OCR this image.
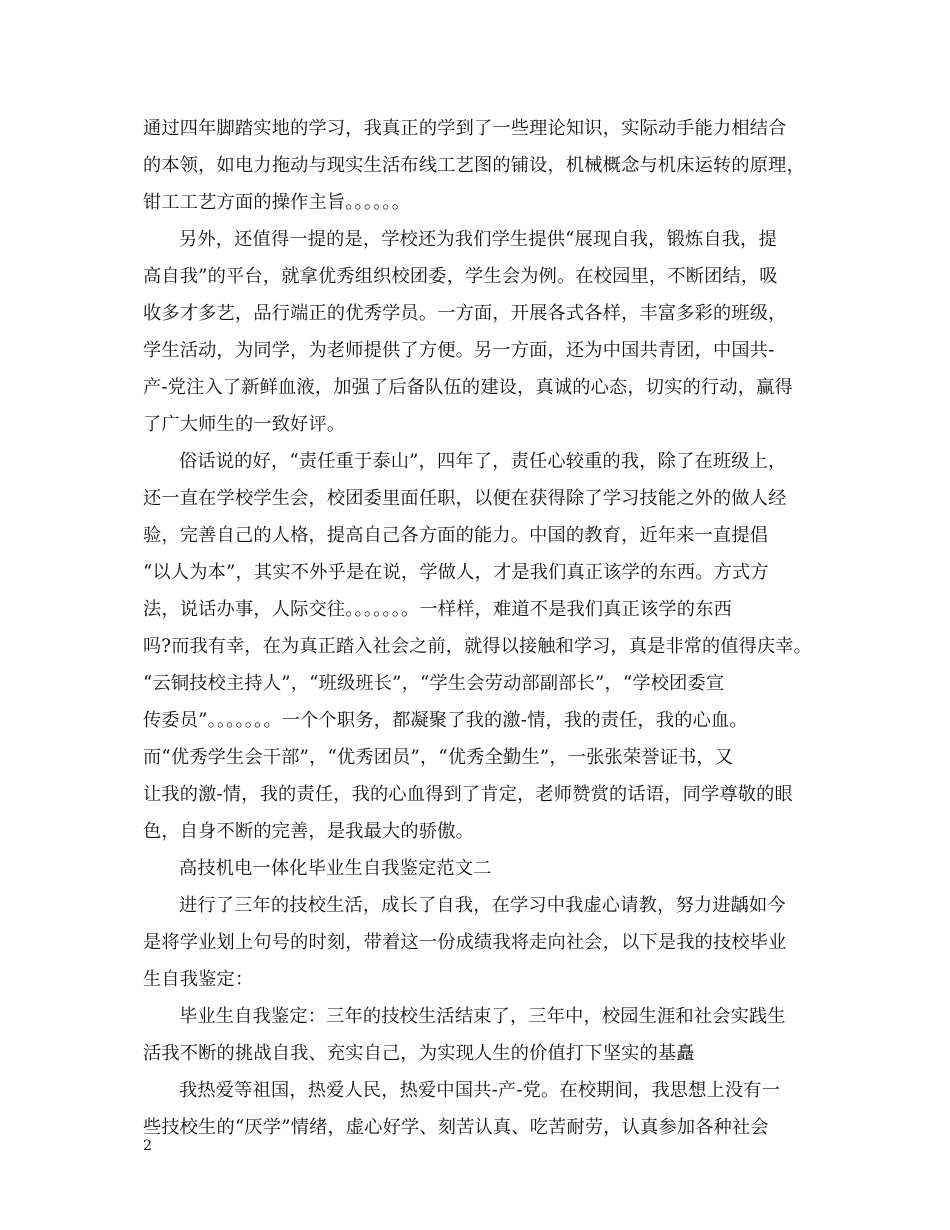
通过四年脚踏实地的学习，我真正的学到了一些理论知识，实际动手能力相结合
的本领，如电力拖动与现实生活布线工艺图的铺设，机械概念与机床运转的原理，
钳工工艺方面的操作主旨。。。。。。
另外，还值得一提的是，学校还为我们学生提供“展现自我，锻炼自我，提
高自我”的平台，就拿优秀组织校团委，学生会为例。在校园里，不断团结，吸
收多才多艺，品行端正的优秀学员。一方面，开展各式各样，丰富多彩的班级，
学生活动，为同学，为老师提供了方便。另一方面，还为中国共青团，中国共-
产-党注入了新鲜血液，加强了后备队伍的建设，真诚的心态，切实的行动，赢得
了广大师生的一致好评。
俗话说的好，“责任重于泰山”，四年了，责任心较重的我，除了在班级上，
还一直在学校学生会，校团委里面任职，以便在获得除了学习技能之外的做人经
验，完善自己的人格，提高自己各方面的能力。中国的教育，近年来一直提倡
“以人为本”，其实不外乎是在说，学做人，才是我们真正该学的东西。方式方
法，说话办事，人际交往。。。。。。。一样样，难道不是我们真正该学的东西
吗?而我有幸，在为真正踏入社会之前，就得以接触和学习，真是非常的值得庆幸。
“云铜技校主持人”，“班级班长”，“学生会劳动部副部长”，“学校团委宣
传委员”。。。。。。。一个个职务，都凝聚了我的激-情，我的责任，我的心血。
而“优秀学生会干部”，“优秀团员”，“优秀全勤生”，一张张荣誉证书，又
让我的激-情，我的责任，我的心血得到了肯定，老师赞赏的话语，同学尊敬的眼
色，自身不断的完善，是我最大的骄傲。
高技机电一体化毕业生自我鉴定范文二
进行了三年的技校生活，成长了自我，在学习中我虚心请教，努力进龋如今
是将学业划上句号的时刻，带着这一份成绩我将走向社会，以下是我的技校毕业
生自我鉴定：
毕业生自我鉴定：三年的技校生活结束了，三年中，校园生涯和社会实践生
活我不断的挑战自我、充实自己，为实现人生的价值打下坚实的基矗
我热爱等祖国，热爱人民，热爱中国共-产-党。在校期间，我思想上没有一
些技校生的“厌学”情绪，虚心好学、刻苦认真、吃苦耐劳，认真参加各种社会
2
